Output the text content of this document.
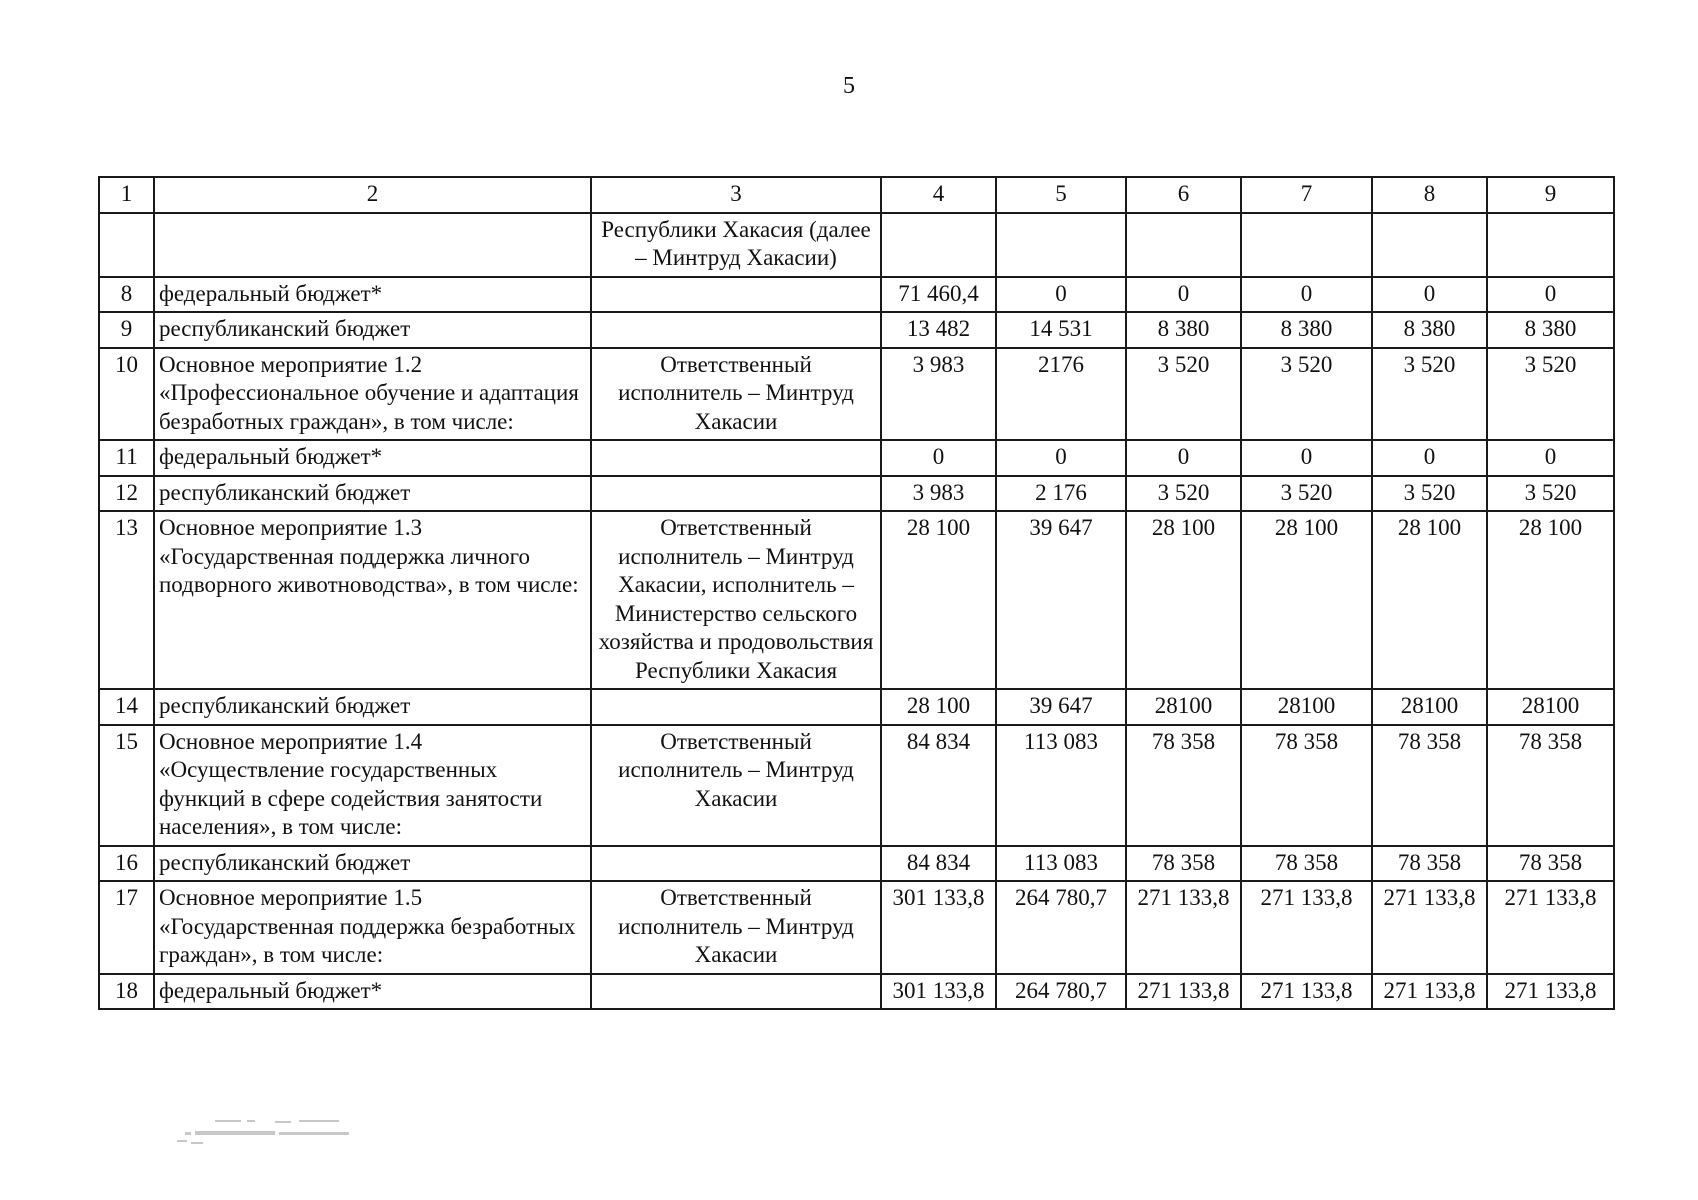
5
1	2	3	4	5	6	7	8	9
		Республики Хакасия (далее – Минтруд Хакасии)						
8	федеральный бюджет*		71 460,4	0	0	0	0	0
9	республиканский бюджет		13 482	14 531	8 380	8 380	8 380	8 380
10	Основное мероприятие 1.2 «Профессиональное обучение и адаптация безработных граждан», в том числе:	Ответственный исполнитель – Минтруд Хакасии	3 983	2176	3 520	3 520	3 520	3 520
11	федеральный бюджет*		0	0	0	0	0	0
12	республиканский бюджет		3 983	2 176	3 520	3 520	3 520	3 520
13	Основное мероприятие 1.3 «Государственная поддержка личного подворного животноводства», в том числе:	Ответственный исполнитель – Минтруд Хакасии, исполнитель – Министерство сельского хозяйства и продовольствия Республики Хакасия	28 100	39 647	28 100	28 100	28 100	28 100
14	республиканский бюджет		28 100	39 647	28100	28100	28100	28100
15	Основное мероприятие 1.4 «Осуществление государственных функций в сфере содействия занятости населения», в том числе:	Ответственный исполнитель – Минтруд Хакасии	84 834	113 083	78 358	78 358	78 358	78 358
16	республиканский бюджет		84 834	113 083	78 358	78 358	78 358	78 358
17	Основное мероприятие 1.5 «Государственная поддержка безработных граждан», в том числе:	Ответственный исполнитель – Минтруд Хакасии	301 133,8	264 780,7	271 133,8	271 133,8	271 133,8	271 133,8
18	федеральный бюджет*		301 133,8	264 780,7	271 133,8	271 133,8	271 133,8	271 133,8
